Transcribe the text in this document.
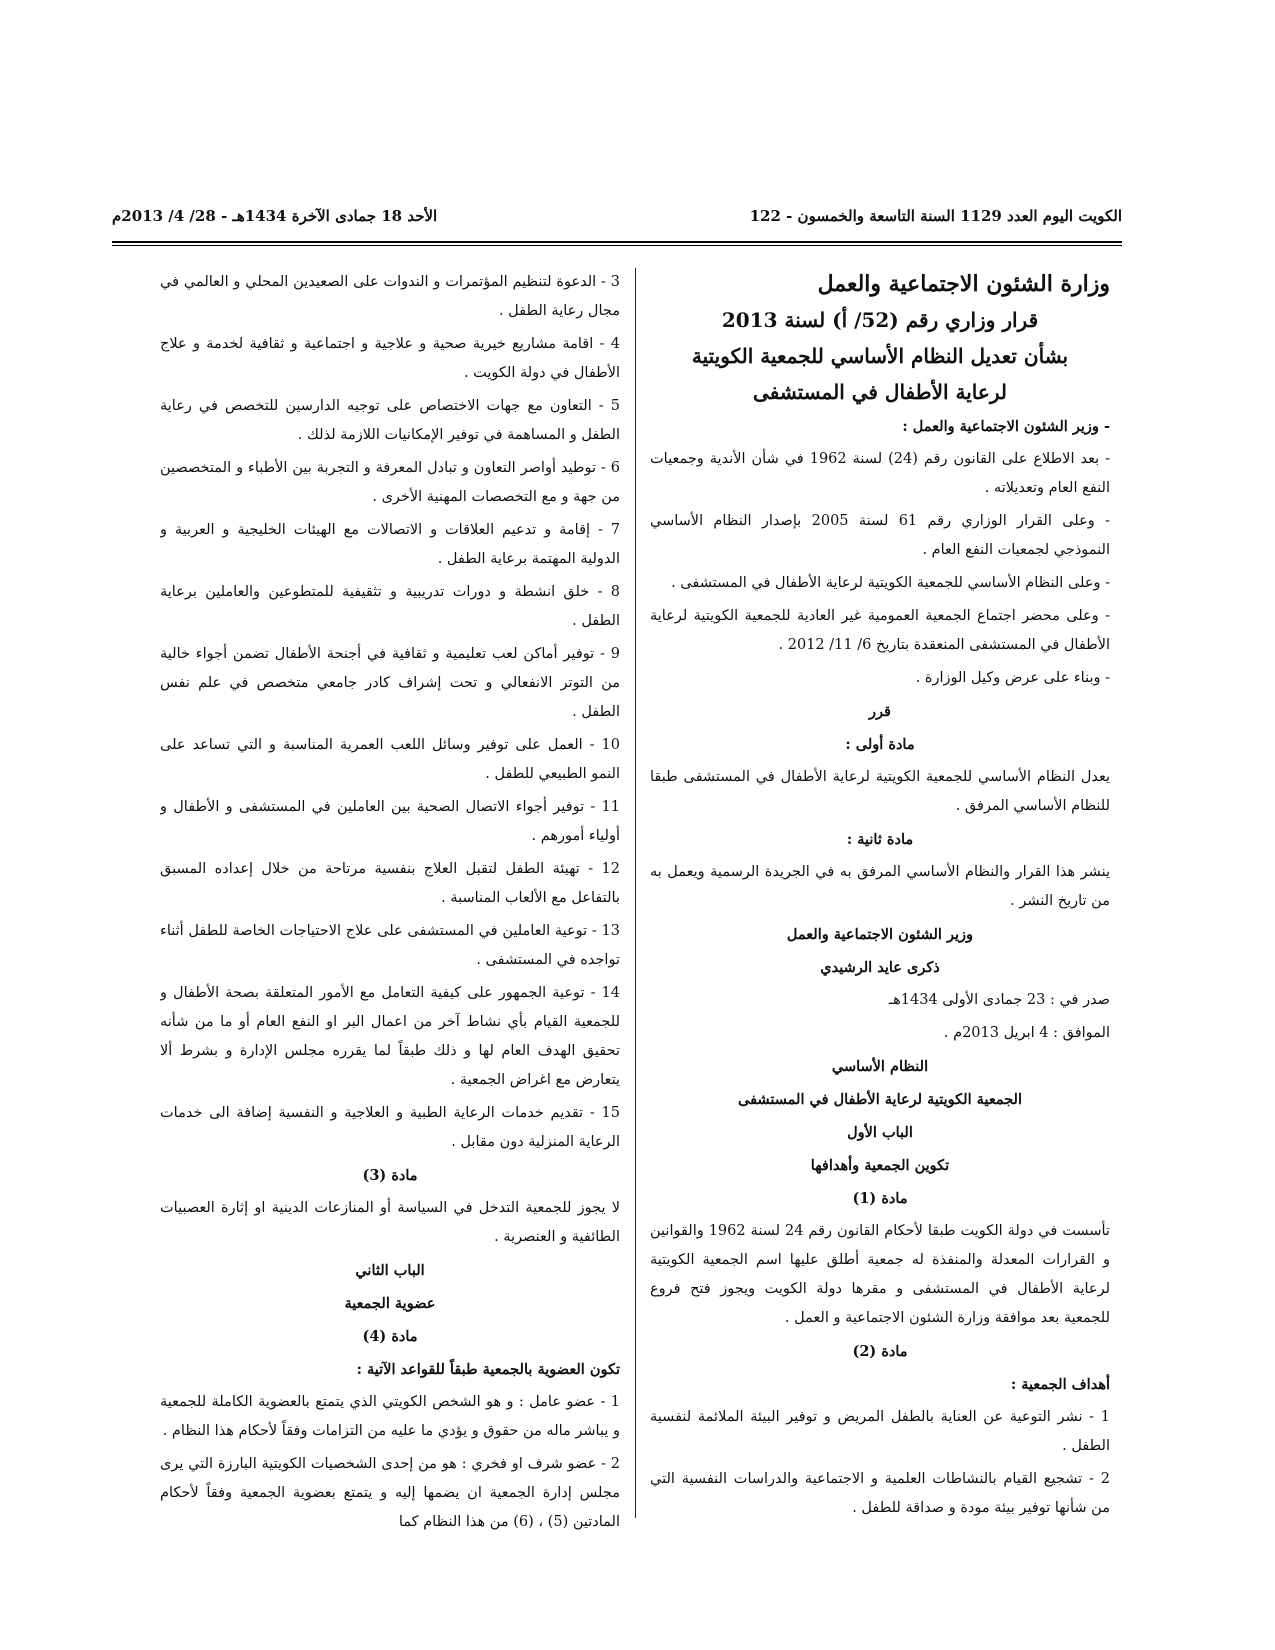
الكويت اليوم العدد 1129 السنة التاسعة والخمسون - 122
الأحد 18 جمادى الآخرة 1434هـ - 28/ 4/ 2013م

وزارة الشئون الاجتماعية والعمل

قرار وزاري رقم (52/ أ) لسنة 2013

بشأن تعديل النظام الأساسي للجمعية الكويتية

لرعاية الأطفال في المستشفى

- وزير الشئون الاجتماعية والعمل :

- بعد الاطلاع على القانون رقم (24) لسنة 1962 في شأن الأندية وجمعيات النفع العام وتعديلاته .

- وعلى القرار الوزاري رقم 61 لسنة 2005 بإصدار النظام الأساسي النموذجي لجمعيات النفع العام .

- وعلى النظام الأساسي للجمعية الكويتية لرعاية الأطفال في المستشفى .

- وعلى محضر اجتماع الجمعية العمومية غير العادية للجمعية الكويتية لرعاية الأطفال في المستشفى المنعقدة بتاريخ 6/ 11/ 2012 .

- وبناء على عرض وكيل الوزارة .

قرر

مادة أولى :

يعدل النظام الأساسي للجمعية الكويتية لرعاية الأطفال في المستشفى طبقا للنظام الأساسي المرفق .

مادة ثانية :

ينشر هذا القرار والنظام الأساسي المرفق به في الجريدة الرسمية ويعمل به من تاريخ النشر .

وزير الشئون الاجتماعية والعمل

ذكرى عايد الرشيدي

صدر في : 23 جمادى الأولى 1434هـ

الموافق : 4 ابريل 2013م .

النظام الأساسي

الجمعية الكويتية لرعاية الأطفال في المستشفى

الباب الأول

تكوين الجمعية وأهدافها

مادة (1)

تأسست في دولة الكويت طبقا لأحكام القانون رقم 24 لسنة 1962 والقوانين و القرارات المعدلة والمنفذة له جمعية أطلق عليها اسم الجمعية الكويتية لرعاية الأطفال في المستشفى و مقرها دولة الكويت ويجوز فتح فروع للجمعية بعد موافقة وزارة الشئون الاجتماعية و العمل .

مادة (2)

أهداف الجمعية :

1 - نشر التوعية عن العناية بالطفل المريض و توفير البيئة الملائمة لنفسية الطفل .

2 - تشجيع القيام بالنشاطات العلمية و الاجتماعية والدراسات النفسية التي من شأنها توفير بيئة مودة و صداقة للطفل .

3 - الدعوة لتنظيم المؤتمرات و الندوات على الصعيدين المحلي و العالمي في مجال رعاية الطفل .

4 - اقامة مشاريع خيرية صحية و علاجية و اجتماعية و ثقافية لخدمة و علاج الأطفال في دولة الكويت .

5 - التعاون مع جهات الاختصاص على توجيه الدارسين للتخصص في رعاية الطفل و المساهمة في توفير الإمكانيات اللازمة لذلك .

6 - توطيد أواصر التعاون و تبادل المعرفة و التجربة بين الأطباء و المتخصصين من جهة و مع التخصصات المهنية الأخرى .

7 - إقامة و تدعيم العلاقات و الاتصالات مع الهيئات الخليجية و العربية و الدولية المهتمة برعاية الطفل .

8 - خلق انشطة و دورات تدريبية و تثقيفية للمتطوعين والعاملين برعاية الطفل .

9 - توفير أماكن لعب تعليمية و ثقافية في أجنحة الأطفال تضمن أجواء خالية من التوتر الانفعالي و تحت إشراف كادر جامعي متخصص في علم نفس الطفل .

10 - العمل على توفير وسائل اللعب العمرية المناسبة و التي تساعد على النمو الطبيعي للطفل .

11 - توفير أجواء الاتصال الصحية بين العاملين في المستشفى و الأطفال و أولياء أمورهم .

12 - تهيئة الطفل لتقبل العلاج بنفسية مرتاحة من خلال إعداده المسبق بالتفاعل مع الألعاب المناسبة .

13 - توعية العاملين في المستشفى على علاج الاحتياجات الخاصة للطفل أثناء تواجده في المستشفى .

14 - توعية الجمهور على كيفية التعامل مع الأمور المتعلقة بصحة الأطفال و للجمعية القيام بأي نشاط آخر من اعمال البر او النفع العام أو ما من شأنه تحقيق الهدف العام لها و ذلك طبقاً لما يقرره مجلس الإدارة و بشرط ألا يتعارض مع اغراض الجمعية .

15 - تقديم خدمات الرعاية الطبية و العلاجية و النفسية إضافة الى خدمات الرعاية المنزلية دون مقابل .

مادة (3)

لا يجوز للجمعية التدخل في السياسة أو المنازعات الدينية او إثارة العصبيات الطائفية و العنصرية .

الباب الثاني

عضوية الجمعية

مادة (4)

تكون العضوية بالجمعية طبقاً للقواعد الآتية :

1 - عضو عامل : و هو الشخص الكويتي الذي يتمتع بالعضوية الكاملة للجمعية و يباشر ماله من حقوق و يؤدي ما عليه من التزامات وفقاً لأحكام هذا النظام .

2 - عضو شرف او فخري : هو من إحدى الشخصيات الكويتية البارزة التي يرى مجلس إدارة الجمعية ان يضمها إليه و يتمتع بعضوية الجمعية وفقاً لأحكام المادتين (5) ، (6) من هذا النظام كما
